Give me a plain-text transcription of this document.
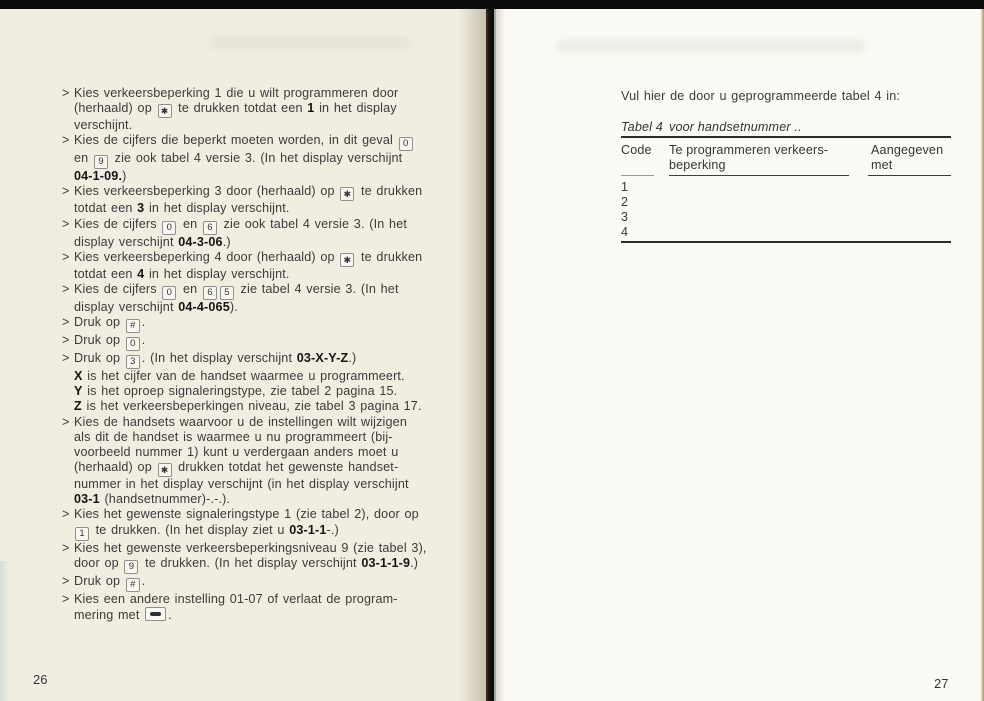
> Kies verkeersbeperking 1 die u wilt programmeren door
(herhaald) op ✱ te drukken totdat een 1 in het display
verschijnt.
> Kies de cijfers die beperkt moeten worden, in dit geval 0
en 9 zie ook tabel 4 versie 3. (In het display verschijnt
04-1-09.)
> Kies verkeersbeperking 3 door (herhaald) op ✱ te drukken
totdat een 3 in het display verschijnt.
> Kies de cijfers 0 en 6 zie ook tabel 4 versie 3. (In het
display verschijnt 04-3-06.)
> Kies verkeersbeperking 4 door (herhaald) op ✱ te drukken
totdat een 4 in het display verschijnt.
> Kies de cijfers 0 en 6 5 zie tabel 4 versie 3. (In het
display verschijnt 04-4-065).
> Druk op # .
> Druk op 0 .
> Druk op 3 . (In het display verschijnt 03-X-Y-Z.)
X is het cijfer van de handset waarmee u programmeert.
Y is het oproep signaleringstype, zie tabel 2 pagina 15.
Z is het verkeersbeperkingen niveau, zie tabel 3 pagina 17.
> Kies de handsets waarvoor u de instellingen wilt wijzigen
als dit de handset is waarmee u nu programmeert (bij-
voorbeeld nummer 1) kunt u verdergaan anders moet u
(herhaald) op ✱ drukken totdat het gewenste handset-
nummer in het display verschijnt (in het display verschijnt
03-1 (handsetnummer)-.-.).
> Kies het gewenste signaleringstype 1 (zie tabel 2), door op
1 te drukken. (In het display ziet u 03-1-1-.)
> Kies het gewenste verkeersbeperkingsniveau 9 (zie tabel 3),
door op 9 te drukken. (In het display verschijnt 03-1-1-9.)
> Druk op # .
> Kies een andere instelling 01-07 of verlaat de program-
mering met
.
26
Vul hier de door u geprogrammeerde tabel 4 in:
Tabel 4 voor handsetnummer ..
Code Te programmeren verkeers-
beperking
Aangegeven
met
1
2
3
4
27
